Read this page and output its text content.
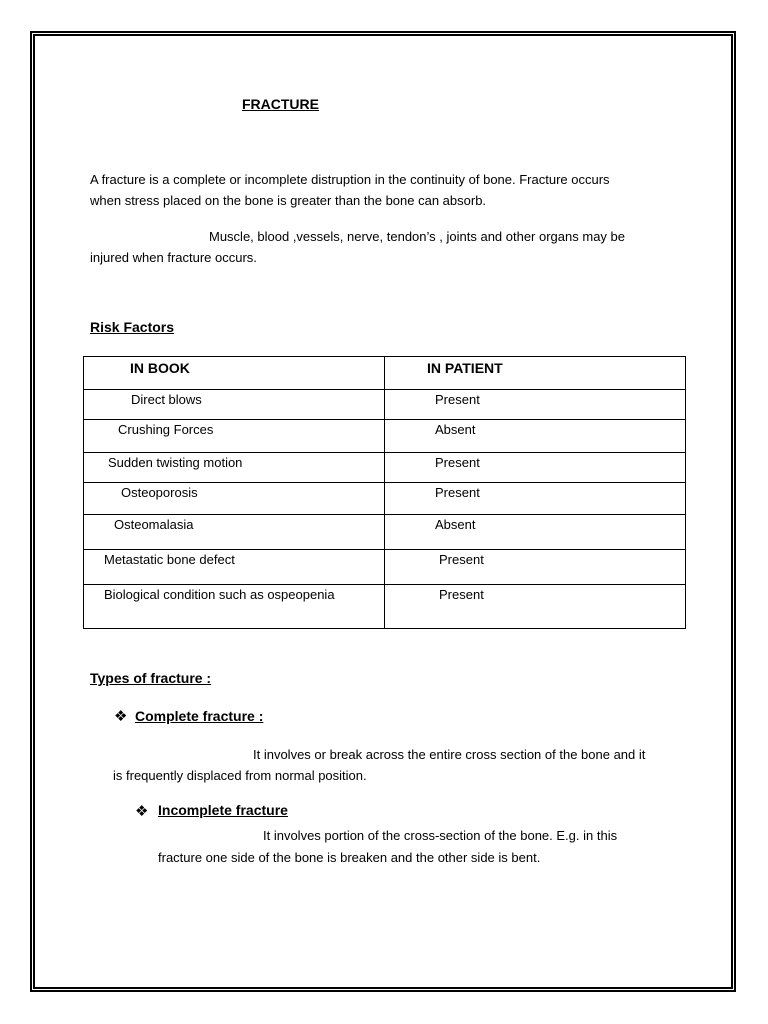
FRACTURE
A fracture is a complete or incomplete distruption in the continuity of bone. Fracture occurs
when stress placed on the bone is greater than the bone can absorb.
Muscle, blood ,vessels, nerve, tendon’s , joints and other organs may be
injured when fracture occurs.
Risk Factors
IN BOOK	IN PATIENT

Direct blows	Present

Crushing Forces	Absent

Sudden twisting motion	Present

Osteoporosis	Present

Osteomalasia	Absent

Metastatic bone defect	Present

Biological condition such as ospeopenia	Present
Types of fracture :
❖ Complete fracture :
It involves or break across the entire cross section of the bone and it
is frequently displaced from normal position.
❖ Incomplete fracture
It involves portion of the cross-section of the bone. E.g. in this
fracture one side of the bone is breaken and the other side is bent.
